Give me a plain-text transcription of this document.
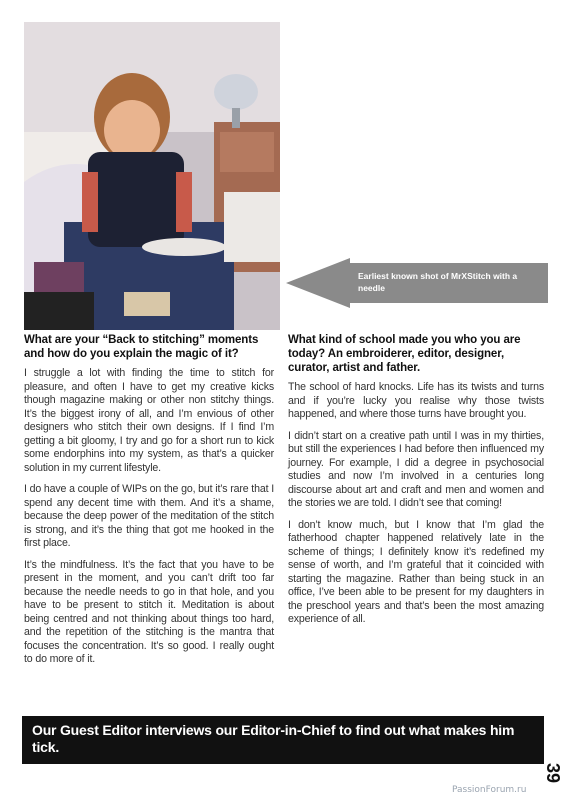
Earliest known shot of MrXStitch with a needle
What are your “Back to stitching” moments and how do you explain the magic of it?

I struggle a lot with finding the time to stitch for pleasure, and often I have to get my creative kicks though magazine making or other non stitchy things. It’s the biggest irony of all, and I’m envious of other designers who stitch their own designs. If I find I’m getting a bit gloomy, I try and go for a short run to kick some endorphins into my system, as that’s a quicker solution in my current lifestyle.

I do have a couple of WIPs on the go, but it’s rare that I spend any decent time with them. And it’s a shame, because the deep power of the meditation of the stitch is strong, and it’s the thing that got me hooked in the first place.

It’s the mindfulness. It’s the fact that you have to be present in the moment, and you can’t drift too far because the needle needs to go in that hole, and you have to be present to stitch it. Meditation is about being centred and not thinking about things too hard, and the repetition of the stitching is the mantra that focuses the concentration. It’s so good. I really ought to do more of it.

What kind of school made you who you are today? An embroiderer, editor, designer, curator, artist and father.

The school of hard knocks. Life has its twists and turns and if you’re lucky you realise why those twists happened, and where those turns have brought you.

I didn’t start on a creative path until I was in my thirties, but still the experiences I had before then influenced my journey. For example, I did a degree in psychosocial studies and now I’m involved in a centuries long discourse about art and craft and men and women and the stories we are told. I didn’t see that coming!

I don’t know much, but I know that I’m glad the fatherhood chapter happened relatively late in the scheme of things; I definitely know it’s redefined my sense of worth, and I’m grateful that it coincided with starting the magazine. Rather than being stuck in an office, I’ve been able to be present for my daughters in the preschool years and that’s been the most amazing experience of all.

Our Guest Editor interviews our Editor-in-Chief to find out what makes him tick.
39
PassionForum.ru
